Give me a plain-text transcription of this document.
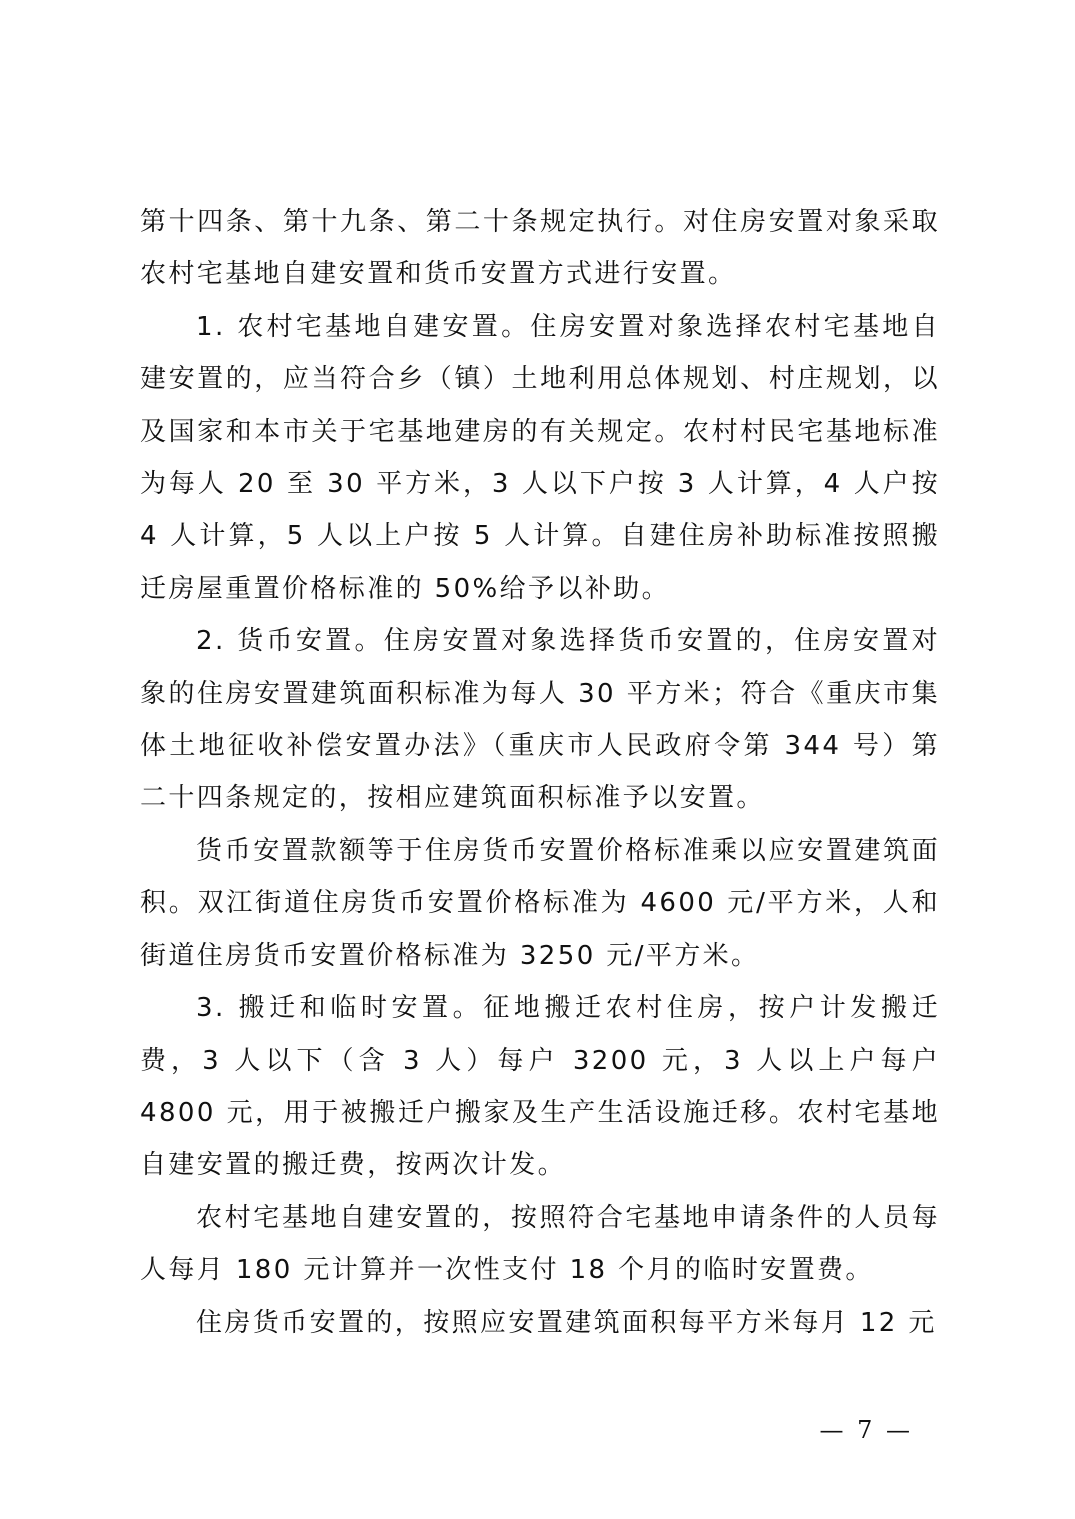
第十四条、第十九条、第二十条规定执行。对住房安置对象采取农村宅基地自建安置和货币安置方式进行安置。

1. 农村宅基地自建安置。住房安置对象选择农村宅基地自建安置的，应当符合乡（镇）土地利用总体规划、村庄规划，以及国家和本市关于宅基地建房的有关规定。农村村民宅基地标准为每人 20 至 30 平方米，3 人以下户按 3 人计算，4 人户按 4 人计算，5 人以上户按 5 人计算。自建住房补助标准按照搬迁房屋重置价格标准的 50%给予以补助。

2. 货币安置。住房安置对象选择货币安置的，住房安置对象的住房安置建筑面积标准为每人 30 平方米；符合《重庆市集体土地征收补偿安置办法》（重庆市人民政府令第 344 号）第二十四条规定的，按相应建筑面积标准予以安置。

货币安置款额等于住房货币安置价格标准乘以应安置建筑面积。双江街道住房货币安置价格标准为 4600 元/平方米，人和街道住房货币安置价格标准为 3250 元/平方米。

3. 搬迁和临时安置。征地搬迁农村住房，按户计发搬迁费，3 人以下（含 3 人）每户 3200 元，3 人以上户每户 4800 元，用于被搬迁户搬家及生产生活设施迁移。农村宅基地自建安置的搬迁费，按两次计发。

农村宅基地自建安置的，按照符合宅基地申请条件的人员每人每月 180 元计算并一次性支付 18 个月的临时安置费。

住房货币安置的，按照应安置建筑面积每平方米每月 12 元

— 7 —
